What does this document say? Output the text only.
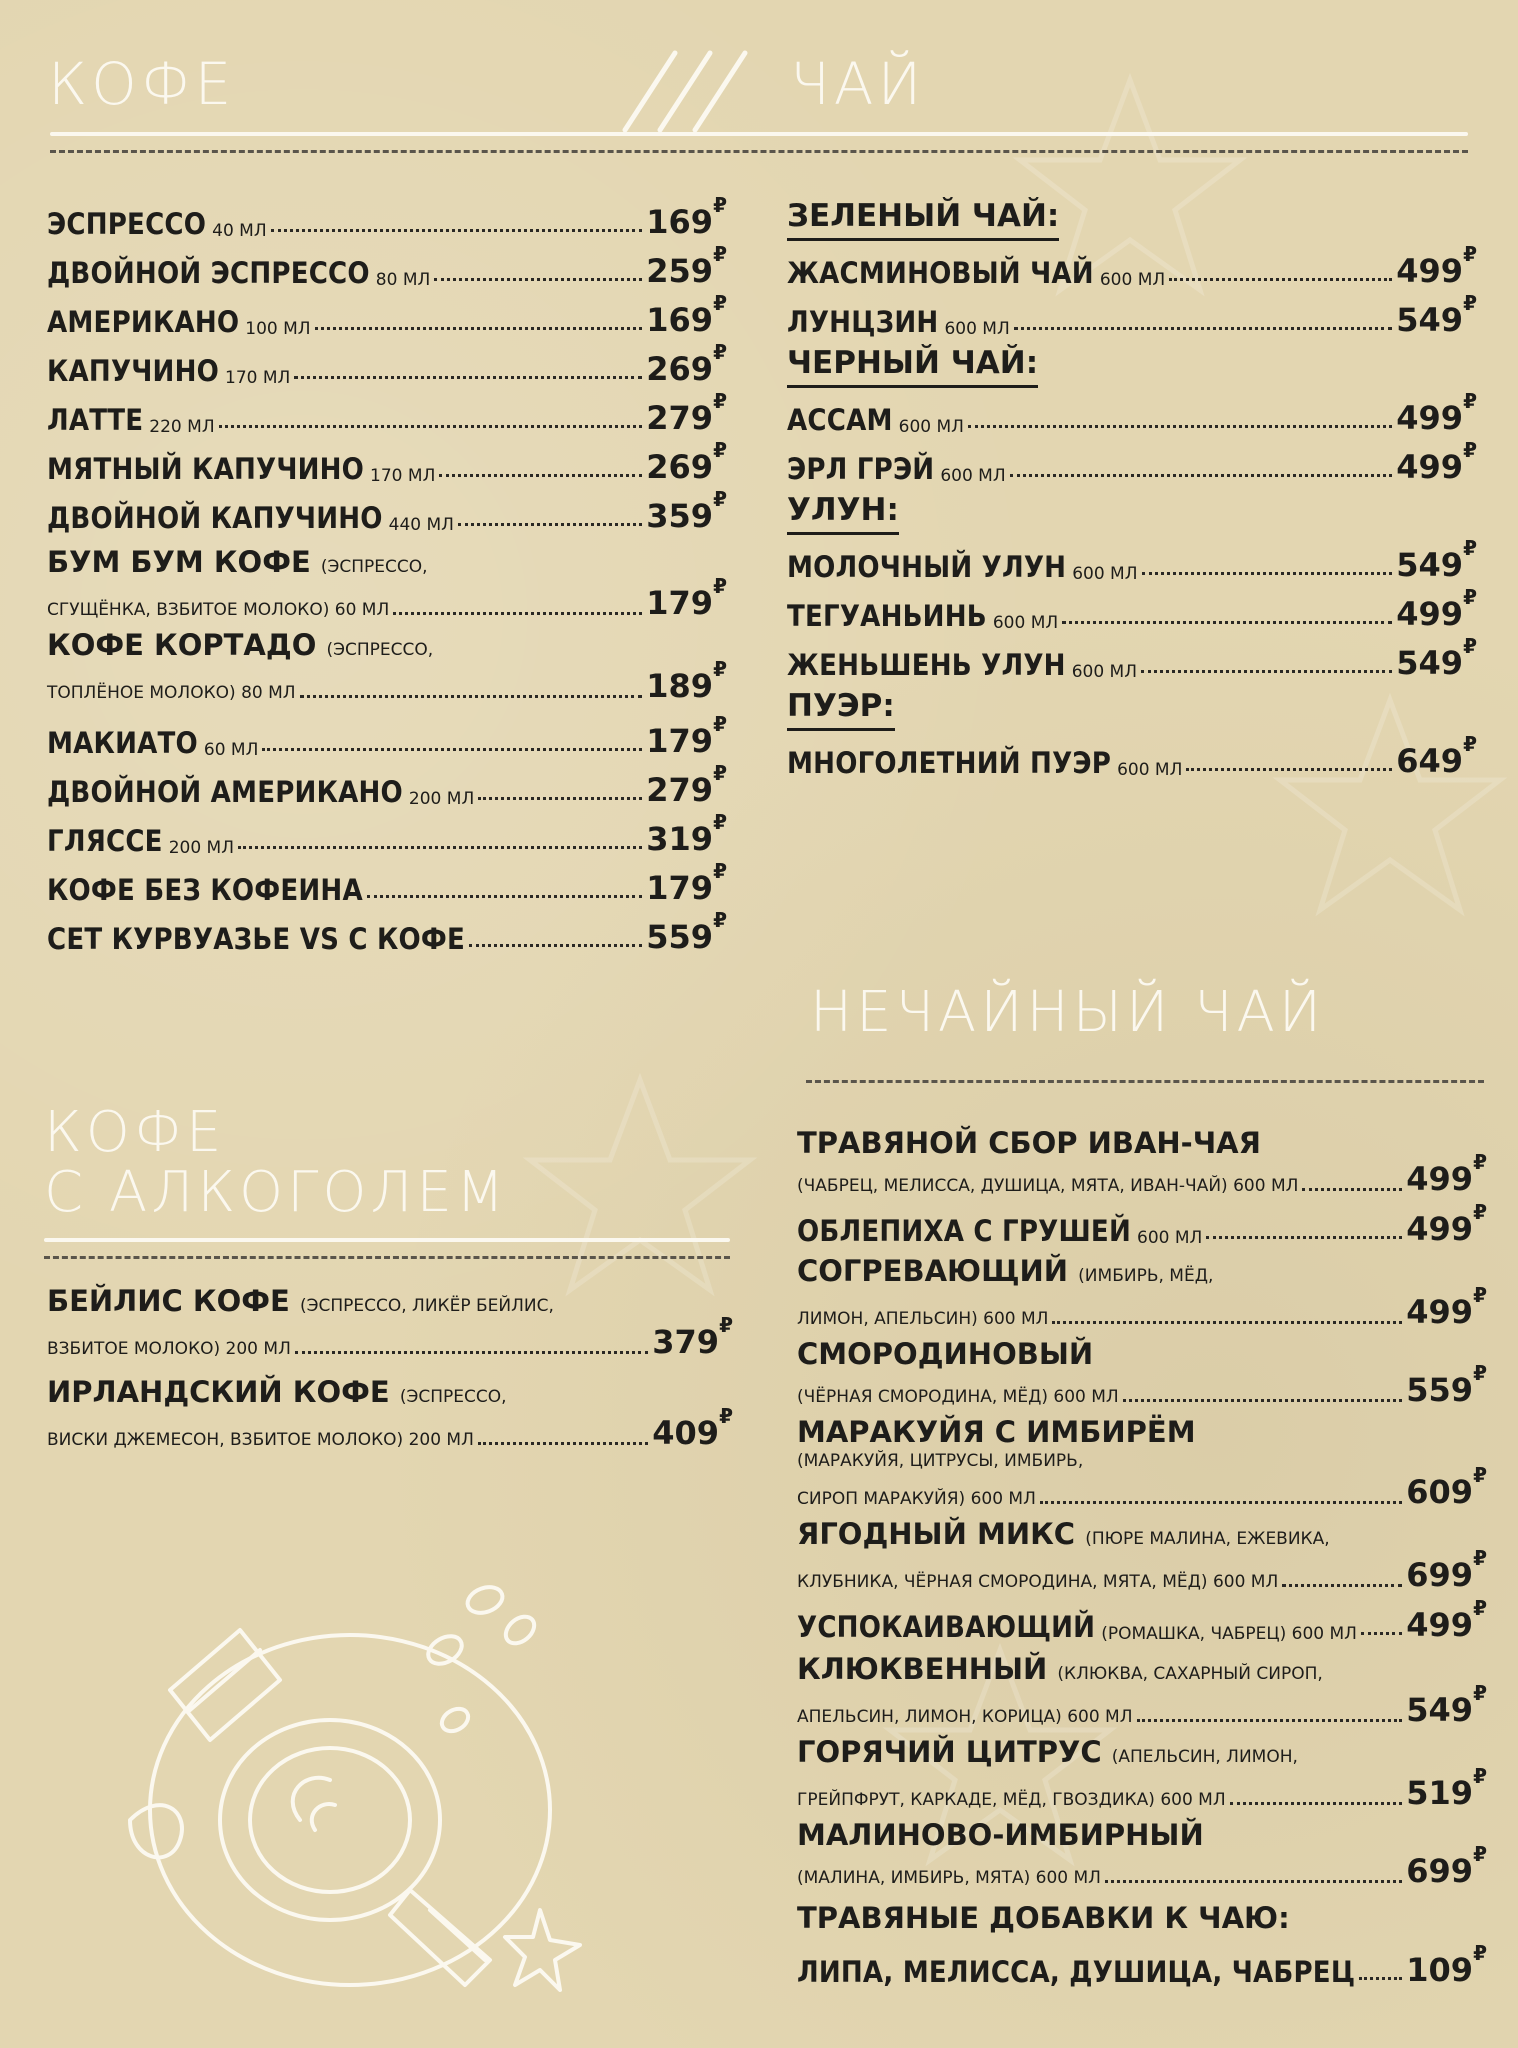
КОФЕ	ЧАЙ
ЭСПРЕССО 40 МЛ	169 ₽
ДВОЙНОЙ ЭСПРЕССО 80 МЛ	259 ₽
АМЕРИКАНО 100 МЛ	169 ₽
КАПУЧИНО 170 МЛ	269 ₽
ЛАТТЕ 220 МЛ	279 ₽
МЯТНЫЙ КАПУЧИНО 170 МЛ	269 ₽
ДВОЙНОЙ КАПУЧИНО 440 МЛ	359 ₽
БУМ БУМ КОФЕ (ЭСПРЕССО,
СГУЩЁНКА, ВЗБИТОЕ МОЛОКО) 60 МЛ	179 ₽
КОФЕ КОРТАДО (ЭСПРЕССО,
ТОПЛЁНОЕ МОЛОКО) 80 МЛ	189 ₽
МАКИАТО 60 МЛ	179 ₽
ДВОЙНОЙ АМЕРИКАНО 200 МЛ	279 ₽
ГЛЯССЕ 200 МЛ	319 ₽
КОФЕ БЕЗ КОФЕИНА	179 ₽
СЕТ КУРВУАЗЬЕ VS С КОФЕ	559 ₽
ЗЕЛЕНЫЙ ЧАЙ:
ЖАСМИНОВЫЙ ЧАЙ 600 МЛ	499 ₽
ЛУНЦЗИН 600 МЛ	549 ₽
ЧЕРНЫЙ ЧАЙ:
АССАМ 600 МЛ	499 ₽
ЭРЛ ГРЭЙ 600 МЛ	499 ₽
УЛУН:
МОЛОЧНЫЙ УЛУН 600 МЛ	549 ₽
ТЕГУАНЬИНЬ 600 МЛ	499 ₽
ЖЕНЬШЕНЬ УЛУН 600 МЛ	549 ₽
ПУЭР:
МНОГОЛЕТНИЙ ПУЭР 600 МЛ	649 ₽
НЕЧАЙНЫЙ ЧАЙ
КОФЕ
С АЛКОГОЛЕМ
БЕЙЛИС КОФЕ (ЭСПРЕССО, ЛИКЁР БЕЙЛИС,
ВЗБИТОЕ МОЛОКО) 200 МЛ	379 ₽
ИРЛАНДСКИЙ КОФЕ (ЭСПРЕССО,
ВИСКИ ДЖЕМЕСОН, ВЗБИТОЕ МОЛОКО) 200 МЛ	409 ₽
ТРАВЯНОЙ СБОР ИВАН-ЧАЯ
(ЧАБРЕЦ, МЕЛИССА, ДУШИЦА, МЯТА, ИВАН-ЧАЙ) 600 МЛ	499 ₽
ОБЛЕПИХА С ГРУШЕЙ 600 МЛ	499 ₽
СОГРЕВАЮЩИЙ (ИМБИРЬ, МЁД,
ЛИМОН, АПЕЛЬСИН) 600 МЛ	499 ₽
СМОРОДИНОВЫЙ
(ЧЁРНАЯ СМОРОДИНА, МЁД) 600 МЛ	559 ₽
МАРАКУЙЯ С ИМБИРЁМ
(МАРАКУЙЯ, ЦИТРУСЫ, ИМБИРЬ,
СИРОП МАРАКУЙЯ) 600 МЛ	609 ₽
ЯГОДНЫЙ МИКС (ПЮРЕ МАЛИНА, ЕЖЕВИКА,
КЛУБНИКА, ЧЁРНАЯ СМОРОДИНА, МЯТА, МЁД) 600 МЛ	699 ₽
УСПОКАИВАЮЩИЙ (РОМАШКА, ЧАБРЕЦ) 600 МЛ 499 ₽
КЛЮКВЕННЫЙ (КЛЮКВА, САХАРНЫЙ СИРОП,
АПЕЛЬСИН, ЛИМОН, КОРИЦА) 600 МЛ	549 ₽
ГОРЯЧИЙ ЦИТРУС (АПЕЛЬСИН, ЛИМОН,
ГРЕЙПФРУТ, КАРКАДЕ, МЁД, ГВОЗДИКА) 600 МЛ	519 ₽
МАЛИНОВО-ИМБИРНЫЙ
(МАЛИНА, ИМБИРЬ, МЯТА) 600 МЛ	699 ₽
ТРАВЯНЫЕ ДОБАВКИ К ЧАЮ:
ЛИПА, МЕЛИССА, ДУШИЦА, ЧАБРЕЦ 109 ₽
